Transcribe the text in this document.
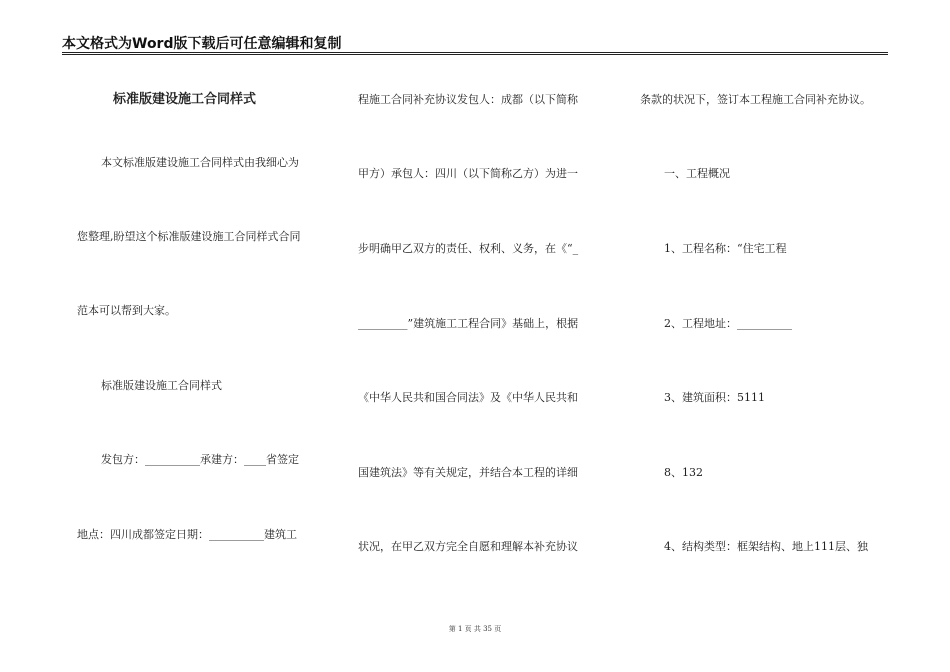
本文格式为Word版下载后可任意编辑和复制
标准版建设施工合同样式
本文标准版建设施工合同样式由我细心为
您整理,盼望这个标准版建设施工合同样式合同
范本可以帮到大家。
标准版建设施工合同样式
发包方：__________承建方：____省签定
地点：四川成都签定日期：__________建筑工
程施工合同补充协议发包人：成都（以下简称
甲方）承包人：四川（以下简称乙方）为进一
步明确甲乙双方的责任、权利、义务，在《“_
_________”建筑施工工程合同》基础上，根据
《中华人民共和国合同法》及《中华人民共和
国建筑法》等有关规定，并结合本工程的详细
状况，在甲乙双方完全自愿和理解本补充协议
条款的状况下，签订本工程施工合同补充协议。
一、工程概况
1、工程名称：“住宅工程
2、工程地址：__________
3、建筑面积：5111
8、132
4、结构类型：框架结构、地上111层、独
第 1 页 共 35 页
